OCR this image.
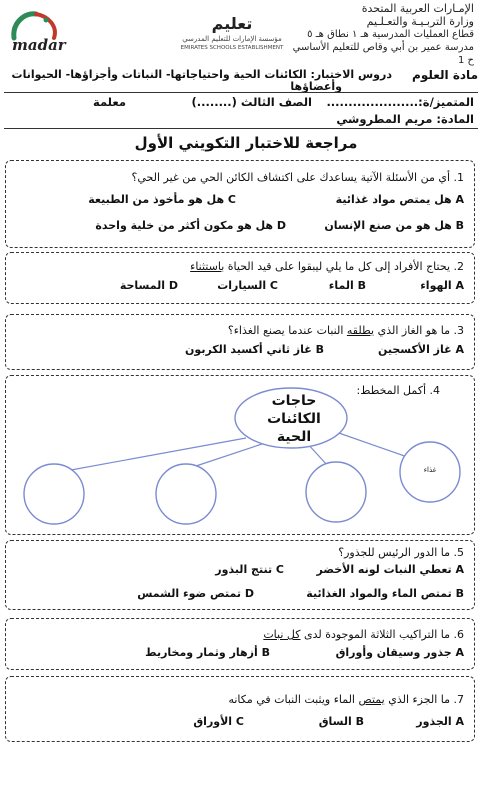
الإمـارات العربية المتحدة
وزارة التربـيـة والتعـلـيم
قطاع العمليات المدرسية هـ ١ نطاق هـ ٥
مدرسة عمير بن أبي وقاص للتعليم الأساسي
ح 1
madar
تعليم
مؤسسة الإمارات للتعليم المدرسي
EMIRATES SCHOOLS ESTABLISHMENT
مادة العلوم
دروس الاختبار: الكائنات الحية واحتياجاتها- النباتات وأجزاؤها- الحيوانات
وأعضاؤها
المتميز/ة:.....................
الصف الثالث (........)
معلمة
المادة: مريم المطروشي
مراجعة للاختبار التكويني الأول
1. أي من الأسئلة الآتية يساعدك على اكتشاف الكائن الحي من غير الحي؟
A هل يمتص مواد غذائية
C هل هو مأخوذ من الطبيعة
B هل هو من صنع الإنسان
D هل هو مكون أكثر من خلية واحدة
2. يحتاج الأفراد إلى كل ما يلي ليبقوا على قيد الحياة باستثناء
A الهواء
B الماء
C السيارات
D المساحة
3. ما هو الغاز الذي يطلقه النبات عندما يصنع الغذاء؟
A غاز الأكسجين
B غاز ثاني أكسيد الكربون
4. أكمل المخطط:
حاجات الكائنات الحية
غذاء
5. ما الدور الرئيس للجذور؟
A تعطي النبات لونه الأخضر
C تنتج البذور
B تمتص الماء والمواد الغذائية
D تمتص ضوء الشمس
6. ما التراكيب الثلاثة الموجودة لدى كل نبات
A جذور وسيقان وأوراق
B أزهار وثمار ومخاريط
7. ما الجزء الذي يمتص الماء ويثبت النبات في مكانه
A الجذور
B الساق
C الأوراق
